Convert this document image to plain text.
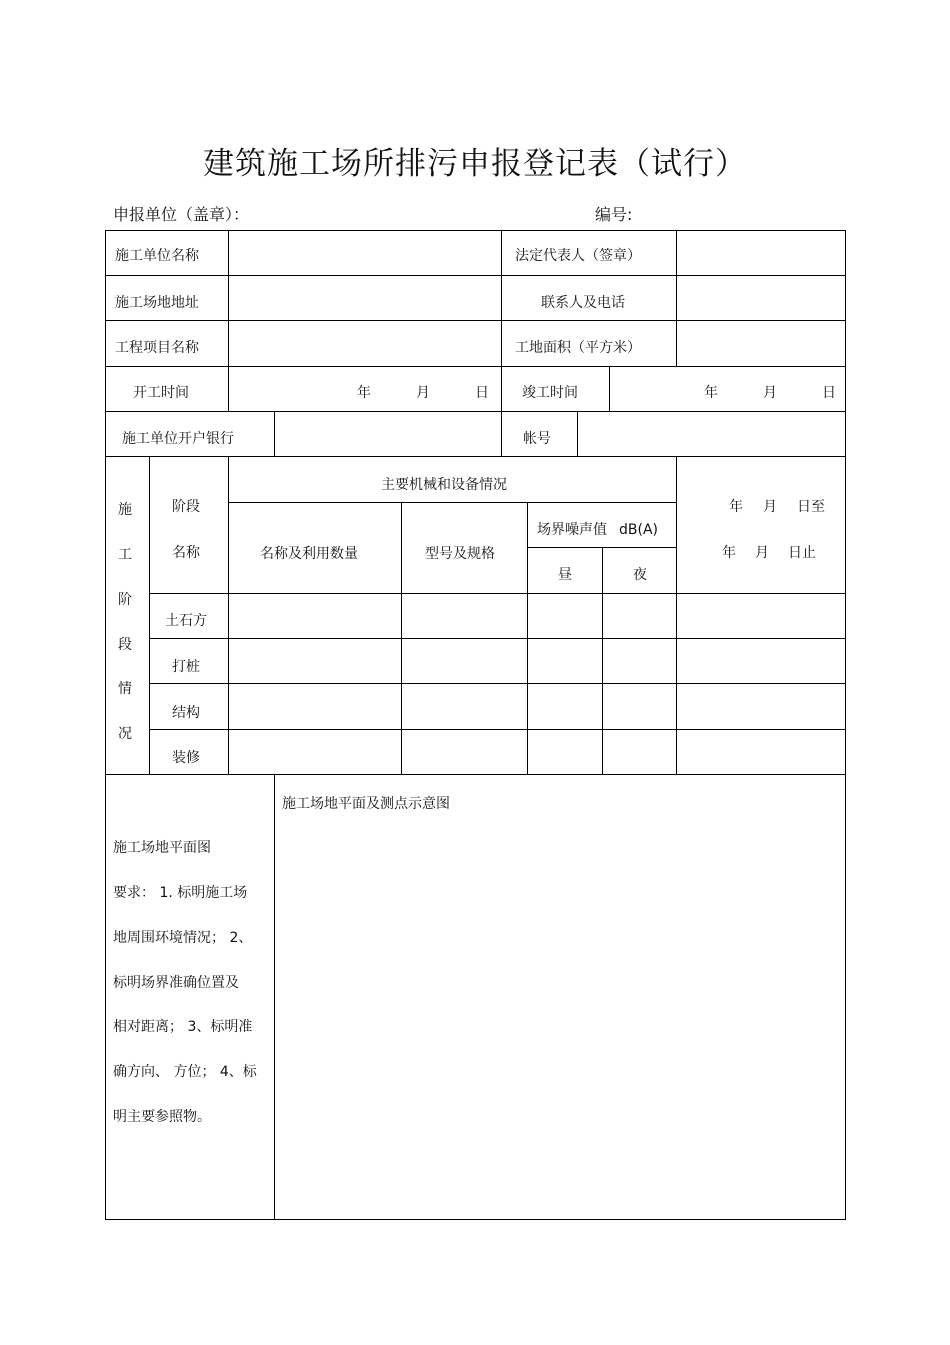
建筑施工场所排污申报登记表（试行）
申报单位（盖章）：	编号:
施工单位名称	法定代表人（签章）
施工场地地址	联系人及电话
工程项目名称	工地面积（平方米）
开工时间	年	月	日 竣工时间	年	月	日
施工单位开户银行	帐号
施
工
阶
段
情
况
阶段
名称
主要机械和设备情况
名称及利用数量	型号及规格
场界噪声值 dB(A)
昼	夜
年 月 日至
年 月 日止
土石方
打桩
结构
装修
施工场地平面及测点示意图
施工场地平面图
要求： 1. 标明施工场
地周围环境情况； 2、
标明场界准确位置及
相对距离； 3、标明准
确方向、 方位； 4、标
明主要参照物。
